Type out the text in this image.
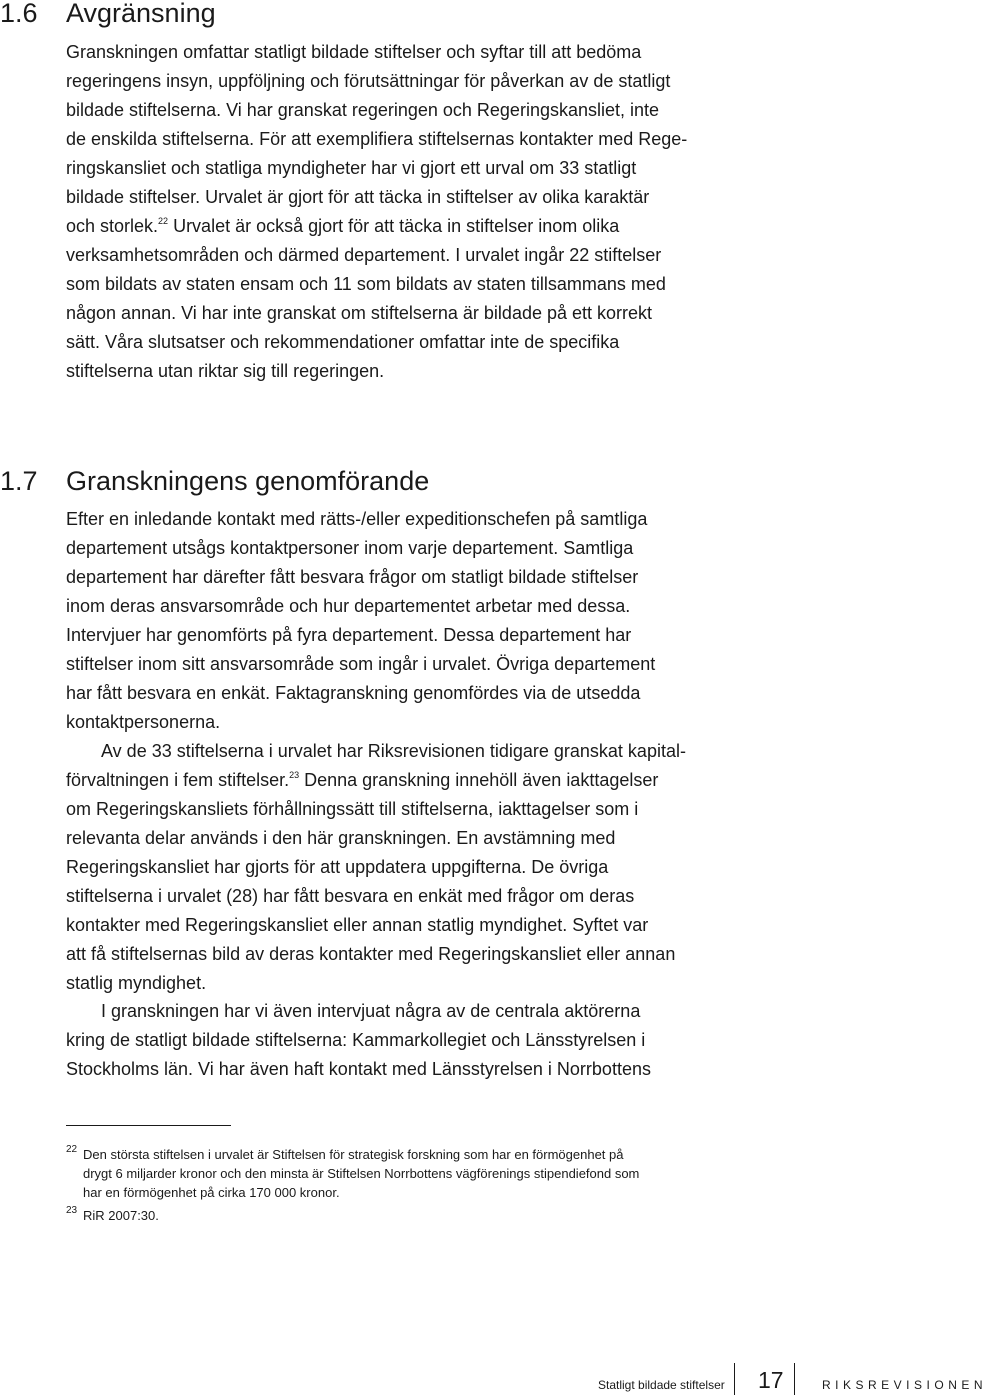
1.6 Avgränsning
Granskningen omfattar statligt bildade stiftelser och syftar till att bedöma
regeringens insyn, uppföljning och förutsättningar för påverkan av de statligt
bildade stiftelserna. Vi har granskat regeringen och Regeringskansliet, inte
de enskilda stiftelserna. För att exemplifiera stiftelsernas kontakter med Rege-
ringskansliet och statliga myndigheter har vi gjort ett urval om 33 statligt
bildade stiftelser. Urvalet är gjort för att täcka in stiftelser av olika karaktär
och storlek.$^{22}$ Urvalet är också gjort för att täcka in stiftelser inom olika
verksamhetsområden och därmed departement. I urvalet ingår 22 stiftelser
som bildats av staten ensam och 11 som bildats av staten tillsammans med
någon annan. Vi har inte granskat om stiftelserna är bildade på ett korrekt
sätt. Våra slutsatser och rekommendationer omfattar inte de specifika
stiftelserna utan riktar sig till regeringen.
1.7 Granskningens genomförande
Efter en inledande kontakt med rätts-/eller expeditionschefen på samtliga
departement utsågs kontaktpersoner inom varje departement. Samtliga
departement har därefter fått besvara frågor om statligt bildade stiftelser
inom deras ansvarsområde och hur departementet arbetar med dessa.
Intervjuer har genomförts på fyra departement. Dessa departement har
stiftelser inom sitt ansvarsområde som ingår i urvalet. Övriga departement
har fått besvara en enkät. Faktagranskning genomfördes via de utsedda
kontaktpersonerna.
Av de 33 stiftelserna i urvalet har Riksrevisionen tidigare granskat kapital-
förvaltningen i fem stiftelser.$^{23}$ Denna granskning innehöll även iakttagelser
om Regeringskansliets förhållningssätt till stiftelserna, iakttagelser som i
relevanta delar används i den här granskningen. En avstämning med
Regeringskansliet har gjorts för att uppdatera uppgifterna. De övriga
stiftelserna i urvalet (28) har fått besvara en enkät med frågor om deras
kontakter med Regeringskansliet eller annan statlig myndighet. Syftet var
att få stiftelsernas bild av deras kontakter med Regeringskansliet eller annan
statlig myndighet.
I granskningen har vi även intervjuat några av de centrala aktörerna
kring de statligt bildade stiftelserna: Kammarkollegiet och Länsstyrelsen i
Stockholms län. Vi har även haft kontakt med Länsstyrelsen i Norrbottens
22 Den största stiftelsen i urvalet är Stiftelsen för strategisk forskning som har en förmögenhet på
drygt 6 miljarder kronor och den minsta är Stiftelsen Norrbottens vägförenings stipendiefond som
har en förmögenhet på cirka 170 000 kronor.
23 RiR 2007:30.
Statligt bildade stiftelser 17	RIKSREVISIONEN
